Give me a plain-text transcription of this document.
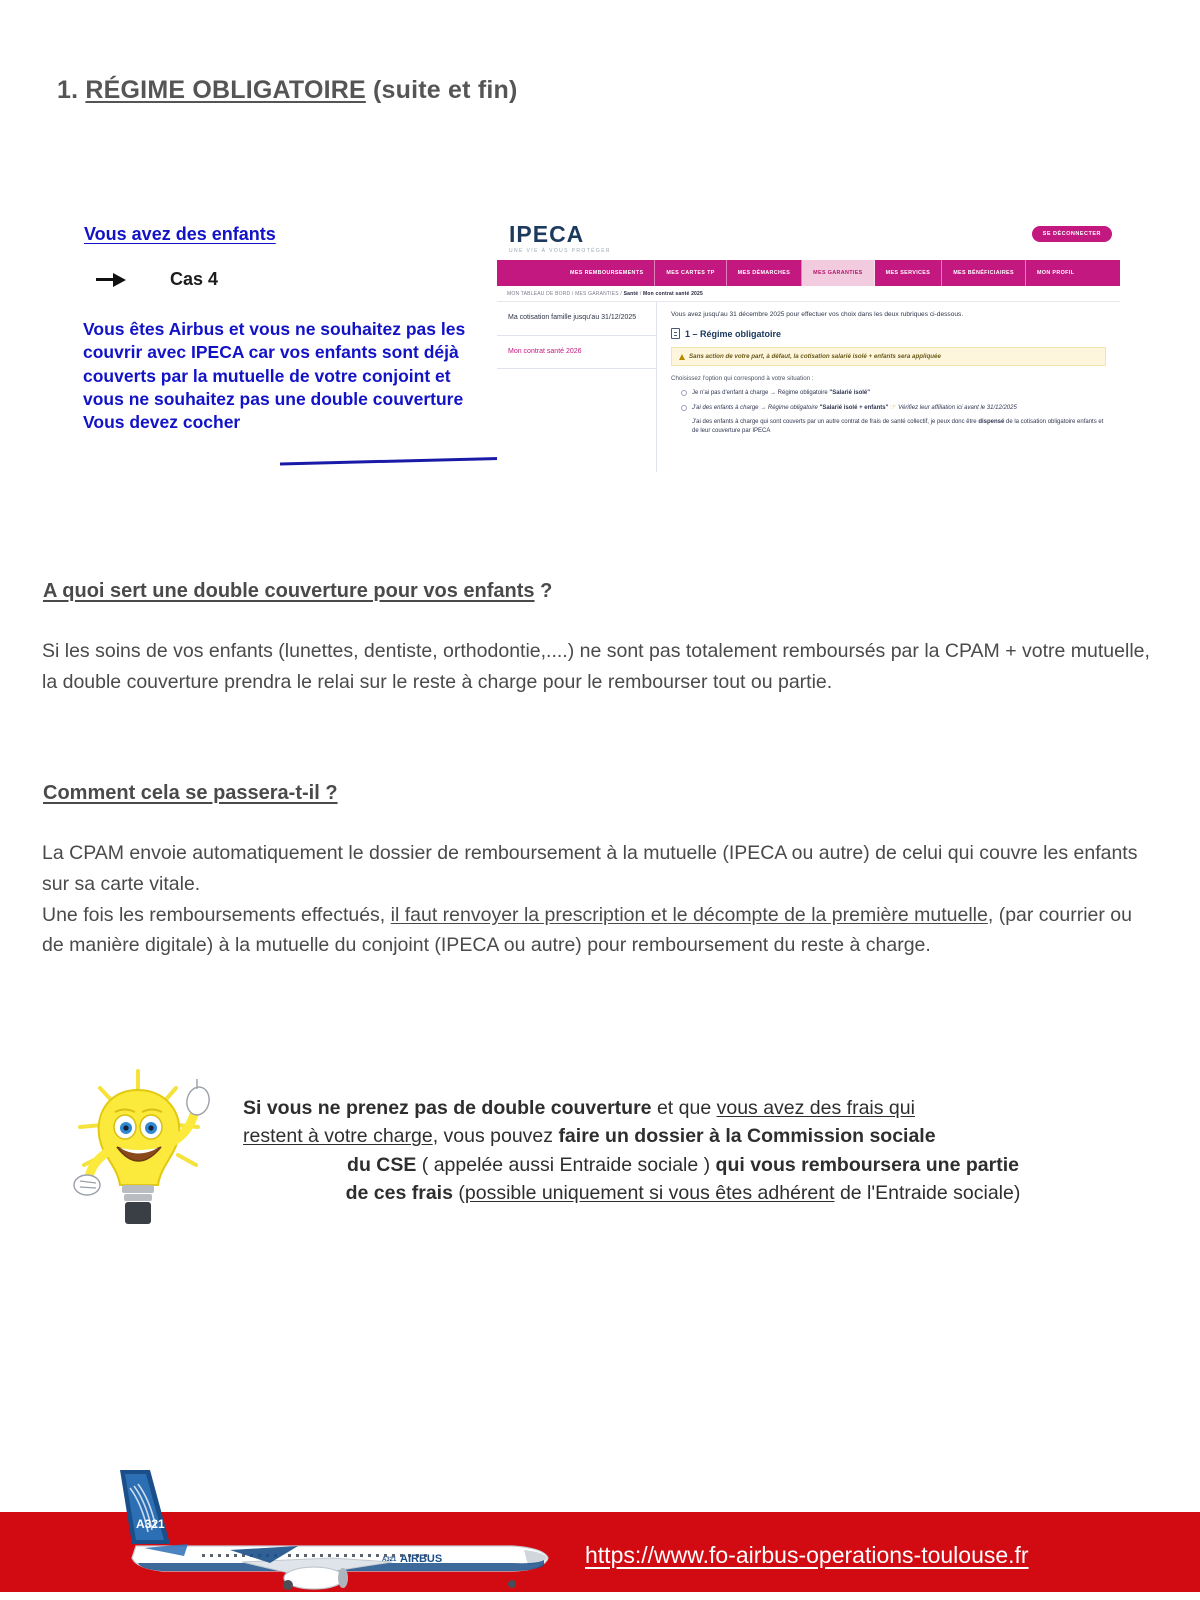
1. RÉGIME OBLIGATOIRE (suite et fin)
Vous avez des enfants
Cas 4
Vous êtes Airbus et vous ne souhaitez pas les couvrir avec IPECA car vos enfants sont déjà couverts par la mutuelle de votre conjoint et vous ne souhaitez pas une double couverture Vous devez cocher
IPECA
UNE VIE À VOUS PROTÉGER
SE DÉCONNECTER
MES REMBOURSEMENTS	MES CARTES TP	MES DÉMARCHES	MES GARANTIES	MES SERVICES	MES BÉNÉFICIAIRES	MON PROFIL
MON TABLEAU DE BORD / MES GARANTIES / Santé / Mon contrat santé 2025
Ma cotisation famille jusqu'au 31/12/2025
Mon contrat santé 2026
Vous avez jusqu'au 31 décembre 2025 pour effectuer vos choix dans les deux rubriques ci-dessous.
1 – Régime obligatoire
Sans action de votre part, à défaut, la cotisation salarié isolé + enfants sera appliquée
Choisissez l'option qui correspond à votre situation :
Je n'ai pas d'enfant à charge → Régime obligatoire "Salarié isolé"
J'ai des enfants à charge → Régime obligatoire "Salarié isolé + enfants" ☞ Vérifiez leur affiliation ici avant le 31/12/2025
J'ai des enfants à charge qui sont couverts par un autre contrat de frais de santé collectif, je peux donc être dispensé de la cotisation obligatoire enfants et de leur couverture par IPECA
A quoi sert une double couverture pour vos enfants ?
Si les soins de vos enfants (lunettes, dentiste, orthodontie,....) ne sont pas totalement remboursés par la CPAM + votre mutuelle, la double couverture prendra le relai sur le reste à charge pour le rembourser tout ou partie.
Comment cela se passera-t-il ?
La CPAM envoie automatiquement le dossier de remboursement à la mutuelle (IPECA ou autre) de celui qui couvre les enfants sur sa carte vitale.
Une fois les remboursements effectués, il faut renvoyer la prescription et le décompte de la première mutuelle, (par courrier ou de manière digitale) à la mutuelle du conjoint (IPECA ou autre) pour remboursement du reste à charge.
Si vous ne prenez pas de double couverture et que vous avez des frais qui
restent à votre charge, vous pouvez faire un dossier à la Commission sociale
du CSE ( appelée aussi Entraide sociale ) qui vous remboursera une partie
de ces frais (possible uniquement si vous êtes adhérent de l'Entraide sociale)
A321
A321 AIRBUS	https://www.fo-airbus-operations-toulouse.fr
